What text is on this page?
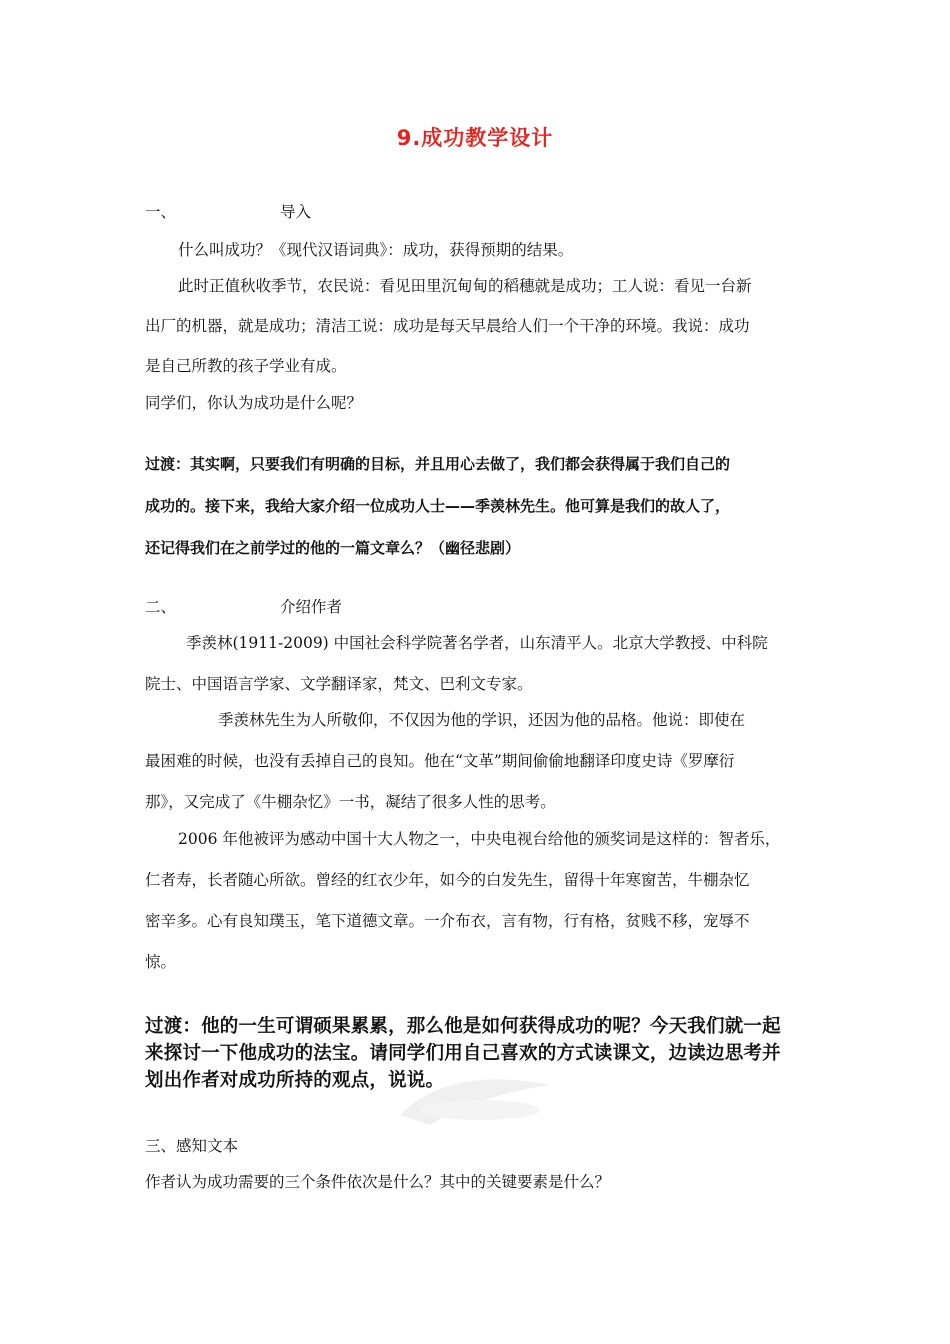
9.成功教学设计
一、	导入
什么叫成功？《现代汉语词典》：成功，获得预期的结果。
此时正值秋收季节，农民说：看见田里沉甸甸的稻穗就是成功；工人说：看见一台新
出厂的机器，就是成功；清洁工说：成功是每天早晨给人们一个干净的环境。我说：成功
是自己所教的孩子学业有成。
同学们，你认为成功是什么呢？
过渡：其实啊，只要我们有明确的目标，并且用心去做了，我们都会获得属于我们自己的
成功的。接下来，我给大家介绍一位成功人士——季羡林先生。他可算是我们的故人了，
还记得我们在之前学过的他的一篇文章么？（幽径悲剧）
二、	介绍作者
季羡林(1911-2009) 中国社会科学院著名学者，山东清平人。北京大学教授、中科院
院士、中国语言学家、文学翻译家，梵文、巴利文专家。
季羡林先生为人所敬仰，不仅因为他的学识，还因为他的品格。他说：即使在
最困难的时候，也没有丢掉自己的良知。他在“文革”期间偷偷地翻译印度史诗《罗摩衍
那》，又完成了《牛棚杂忆》一书，凝结了很多人性的思考。
2006 年他被评为感动中国十大人物之一，中央电视台给他的颁奖词是这样的：智者乐，
仁者寿，长者随心所欲。曾经的红衣少年，如今的白发先生，留得十年寒窗苦，牛棚杂忆
密辛多。心有良知璞玉，笔下道德文章。一介布衣，言有物，行有格，贫贱不移，宠辱不
惊。
过渡：他的一生可谓硕果累累，那么他是如何获得成功的呢？今天我们就一起
来探讨一下他成功的法宝。请同学们用自己喜欢的方式读课文，边读边思考并
划出作者对成功所持的观点，说说。
三、感知文本
作者认为成功需要的三个条件依次是什么？其中的关键要素是什么？
